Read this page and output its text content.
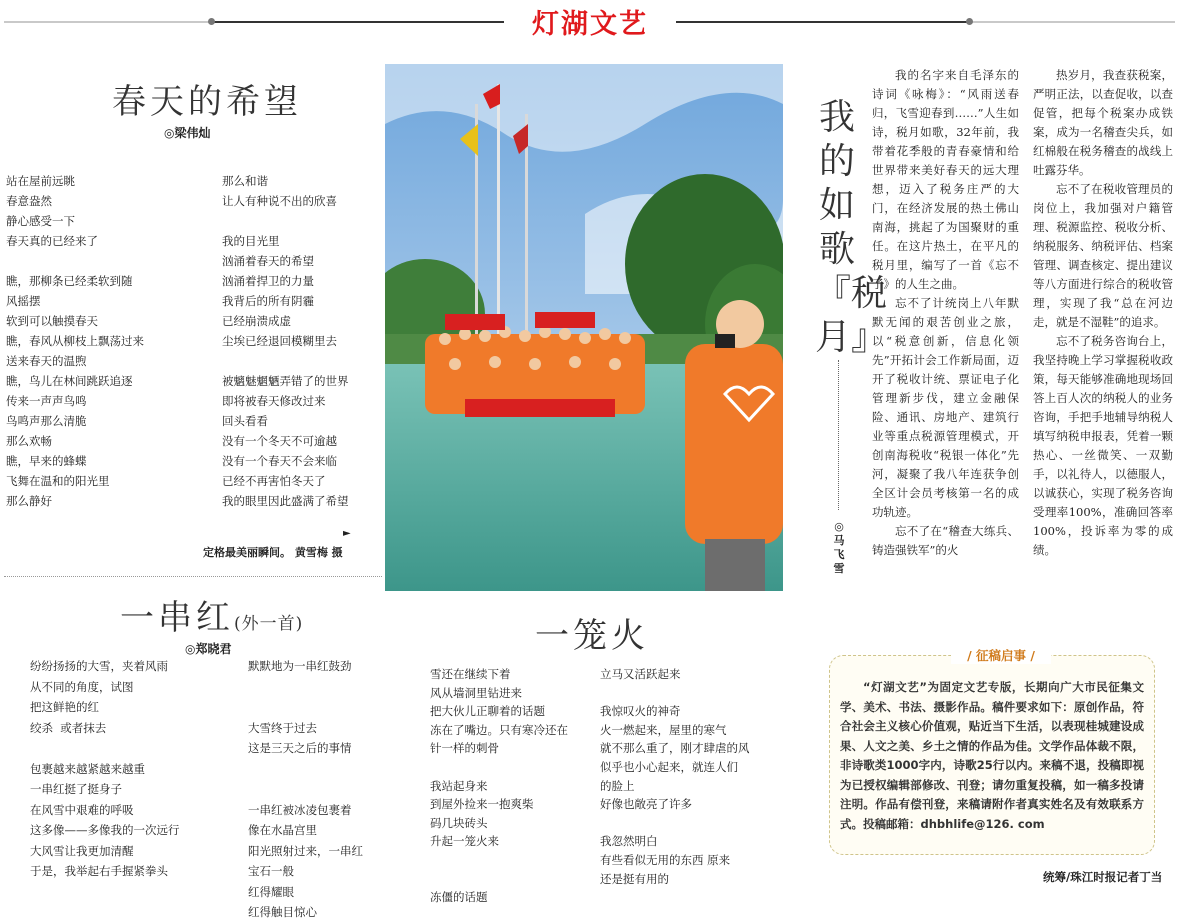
灯湖文艺
春天的希望
◎梁伟灿
站在屋前远眺
春意盎然
静心感受一下
春天真的已经来了

瞧，那柳条已经柔软到随
风摇摆
软到可以触摸春天
瞧，春风从柳枝上飘荡过来
送来春天的温煦
瞧，鸟儿在林间跳跃追逐
传来一声声鸟鸣
鸟鸣声那么清脆
那么欢畅
瞧，早来的蜂蝶
飞舞在温和的阳光里
那么静好
那么和谐
让人有种说不出的欣喜

我的目光里
汹涌着春天的希望
汹涌着捍卫的力量
我背后的所有阴霾
已经崩溃成虚
尘埃已经退回模糊里去

被魑魅魍魉弄错了的世界
即将被春天修改过来
回头看看
没有一个冬天不可逾越
没有一个春天不会来临
已经不再害怕冬天了
我的眼里因此盛满了希望
►
定格最美丽瞬间。 黄雪梅 摄
一串红(外一首)
◎郑晓君
纷纷扬扬的大雪，夹着风雨
从不同的角度，试图
把这鲜艳的红
绞杀  或者抹去

包裹越来越紧越来越重
一串红挺了挺身子
在风雪中艰难的呼吸
这多像——多像我的一次远行
大风雪让我更加清醒
于是，我举起右手握紧拳头
默默地为一串红鼓劲

大雪终于过去
这是三天之后的事情

一串红被冰凌包裹着
像在水晶宫里
阳光照射过来，一串红
宝石一般
红得耀眼
红得触目惊心
一笼火
雪还在继续下着
风从墙洞里钻进来
把大伙儿正聊着的话题
冻在了嘴边。只有寒冷还在
针一样的刺骨

我站起身来
到屋外捡来一抱爽柴
码几块砖头
升起一笼火来

冻僵的话题
立马又活跃起来

我惊叹火的神奇
火一燃起来，屋里的寒气
就不那么重了，刚才肆虐的风
似乎也小心起来，就连人们
的脸上
好像也敞亮了许多

我忽然明白
有些看似无用的东西 原来
还是挺有用的
我的如歌『税月』
◎马飞雪

我的名字来自毛泽东的诗词《咏梅》：“风雨送春归，飞雪迎春到……”人生如诗，税月如歌，32年前，我带着花季般的青春豪情和给世界带来美好春天的远大理想，迈入了税务庄严的大门，在经济发展的热土佛山南海，挑起了为国聚财的重任。在这片热土，在平凡的税月里，编写了一首《忘不了》的人生之曲。

忘不了计统岗上八年默默无闻的艰苦创业之旅，以“税意创新，信息化领先”开拓计会工作新局面，迈开了税收计统、票证电子化管理新步伐，建立金融保险、通讯、房地产、建筑行业等重点税源管理模式，开创南海税收“税银一体化”先河，凝聚了我八年连获争创全区计会员考核第一名的成功轨迹。

忘不了在“稽查大练兵、铸造强铁军”的火

热岁月，我查获税案，严明正法，以查促收，以查促管，把每个税案办成铁案，成为一名稽查尖兵，如红棉般在税务稽查的战线上吐露芬华。

忘不了在税收管理员的岗位上，我加强对户籍管理、税源监控、税收分析、纳税服务、纳税评估、档案管理、调查核定、提出建议等八方面进行综合的税收管理，实现了我“总在河边走，就是不湿鞋”的追求。

忘不了税务咨询台上，我坚持晚上学习掌握税收政策，每天能够准确地现场回答上百人次的纳税人的业务咨询，手把手地辅导纳税人填写纳税申报表，凭着一颗热心、一丝微笑、一双勤手，以礼待人，以德服人，以诚获心，实现了税务咨询受理率100%，准确回答率100%，投诉率为零的成绩。

/ 征稿启事 /

“灯湖文艺”为固定文艺专版，长期向广大市民征集文学、美术、书法、摄影作品。稿件要求如下：原创作品，符合社会主义核心价值观，贴近当下生活，以表现桂城建设成果、人文之美、乡土之情的作品为佳。文学作品体裁不限，非诗歌类1000字内，诗歌25行以内。来稿不退，投稿即视为已授权编辑部修改、刊登；请勿重复投稿，如一稿多投请注明。作品有偿刊登，来稿请附作者真实姓名及有效联系方式。投稿邮箱：dhbhlife@126. com

统筹/珠江时报记者丁当
